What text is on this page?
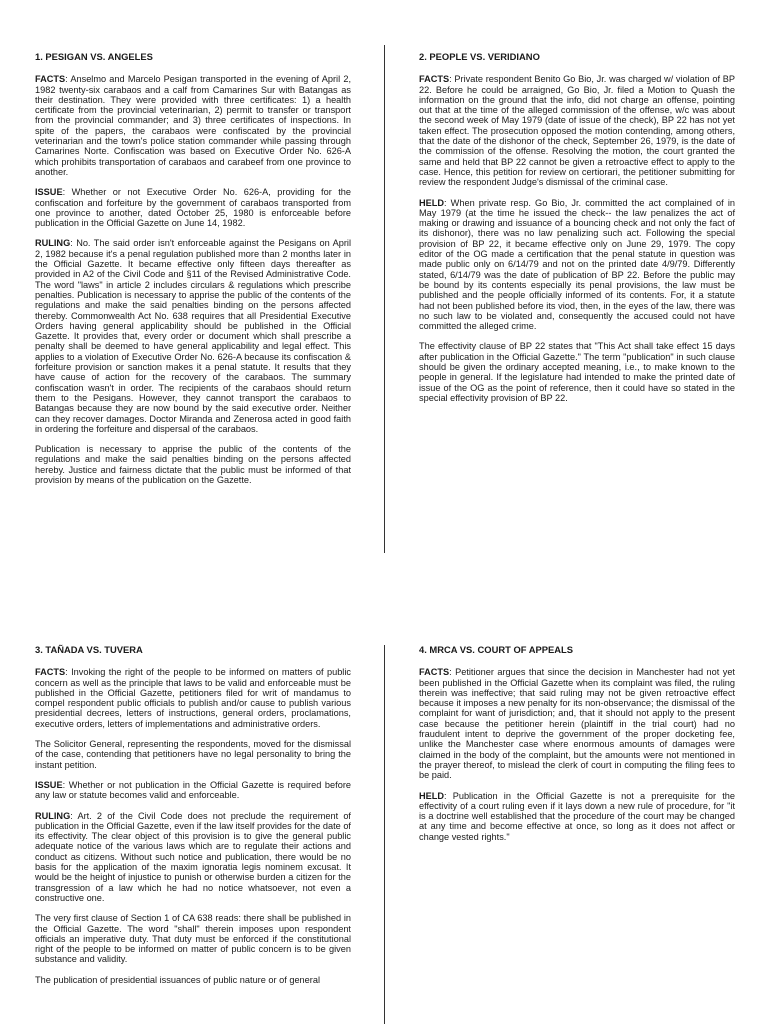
1. PESIGAN VS. ANGELES

FACTS: Anselmo and Marcelo Pesigan transported in the evening of April 2, 1982 twenty-six carabaos and a calf from Camarines Sur with Batangas as their destination. They were provided with three certificates: 1) a health certificate from the provincial veterinarian, 2) permit to transfer or transport from the provincial commander; and 3) three certificates of inspections. In spite of the papers, the carabaos were confiscated by the provincial veterinarian and the town's police station commander while passing through Camarines Norte. Confiscation was based on Executive Order No. 626-A which prohibits transportation of carabaos and carabeef from one province to another.

ISSUE: Whether or not Executive Order No. 626-A, providing for the confiscation and forfeiture by the government of carabaos transported from one province to another, dated October 25, 1980 is enforceable before publication in the Official Gazette on June 14, 1982.

RULING: No. The said order isn't enforceable against the Pesigans on April 2, 1982 because it's a penal regulation published more than 2 months later in the Official Gazette. It became effective only fifteen days thereafter as provided in A2 of the Civil Code and §11 of the Revised Administrative Code. The word "laws" in article 2 includes circulars & regulations which prescribe penalties. Publication is necessary to apprise the public of the contents of the regulations and make the said penalties binding on the persons affected thereby. Commonwealth Act No. 638 requires that all Presidential Executive Orders having general applicability should be published in the Official Gazette. It provides that, every order or document which shall prescribe a penalty shall be deemed to have general applicability and legal effect. This applies to a violation of Executive Order No. 626-A because its confiscation & forfeiture provision or sanction makes it a penal statute. It results that they have cause of action for the recovery of the carabaos. The summary confiscation wasn't in order. The recipients of the carabaos should return them to the Pesigans. However, they cannot transport the carabaos to Batangas because they are now bound by the said executive order. Neither can they recover damages. Doctor Miranda and Zenerosa acted in good faith in ordering the forfeiture and dispersal of the carabaos.

Publication is necessary to apprise the public of the contents of the regulations and make the said penalties binding on the persons affected hereby. Justice and fairness dictate that the public must be informed of that provision by means of the publication on the Gazette.

2. PEOPLE VS. VERIDIANO

FACTS: Private respondent Benito Go Bio, Jr. was charged w/ violation of BP 22. Before he could be arraigned, Go Bio, Jr. filed a Motion to Quash the information on the ground that the info, did not charge an offense, pointing out that at the time of the alleged commission of the offense, w/c was about the second week of May 1979 (date of issue of the check), BP 22 has not yet taken effect. The prosecution opposed the motion contending, among others, that the date of the dishonor of the check, September 26, 1979, is the date of the commission of the offense. Resolving the motion, the court granted the same and held that BP 22 cannot be given a retroactive effect to apply to the case. Hence, this petition for review on certiorari, the petitioner submitting for review the respondent Judge's dismissal of the criminal case.

HELD: When private resp. Go Bio, Jr. committed the act complained of in May 1979 (at the time he issued the check-- the law penalizes the act of making or drawing and issuance of a bouncing check and not only the fact of its dishonor), there was no law penalizing such act. Following the special provision of BP 22, it became effective only on June 29, 1979. The copy editor of the OG made a certification that the penal statute in question was made public only on 6/14/79 and not on the printed date 4/9/79. Differently stated, 6/14/79 was the date of publication of BP 22. Before the public may be bound by its contents especially its penal provisions, the law must be published and the people officially informed of its contents. For, it a statute had not been published before its viod, then, in the eyes of the law, there was no such law to be violated and, consequently the accused could not have committed the alleged crime.

The effectivity clause of BP 22 states that "This Act shall take effect 15 days after publication in the Official Gazette." The term "publication" in such clause should be given the ordinary accepted meaning, i.e., to make known to the people in general. If the legisIature had intended to make the printed date of issue of the OG as the point of reference, then it could have so stated in the special effectivity provision of BP 22.

3. TAÑADA VS. TUVERA

FACTS: Invoking the right of the people to be informed on matters of public concern as well as the principle that laws to be valid and enforceable must be published in the Official Gazette, petitioners filed for writ of mandamus to compel respondent public officials to publish and/or cause to publish various presidential decrees, letters of instructions, general orders, proclamations, executive orders, letters of implementations and administrative orders.

The Solicitor General, representing the respondents, moved for the dismissal of the case, contending that petitioners have no legal personality to bring the instant petition.

ISSUE: Whether or not publication in the Official Gazette is required before any law or statute becomes valid and enforceable.

RULING: Art. 2 of the Civil Code does not preclude the requirement of publication in the Official Gazette, even if the law itself provides for the date of its effectivity. The clear object of this provision is to give the general public adequate notice of the various laws which are to regulate their actions and conduct as citizens. Without such notice and publication, there would be no basis for the application of the maxim ignoratia legis nominem excusat. It would be the height of injustice to punish or otherwise burden a citizen for the transgression of a law which he had no notice whatsoever, not even a constructive one.

The very first clause of Section 1 of CA 638 reads: there shall be published in the Official Gazette. The word "shall" therein imposes upon respondent officials an imperative duty. That duty must be enforced if the constitutional right of the people to be informed on matter of public concern is to be given substance and validity.

The publication of presidential issuances of public nature or of general

4. MRCA VS. COURT OF APPEALS

FACTS: Petitioner argues that since the decision in Manchester had not yet been published in the Official Gazette when its complaint was filed, the ruling therein was ineffective; that said ruling may not be given retroactive effect because it imposes a new penalty for its non-observance; the dismissal of the complaint for want of jurisdiction; and, that it should not apply to the present case because the petitioner herein (plaintiff in the trial court) had no fraudulent intent to deprive the government of the proper docketing fee, unlike the Manchester case where enormous amounts of damages were claimed in the body of the complaint, but the amounts were not mentioned in the prayer thereof, to mislead the clerk of court in computing the filing fees to be paid.

HELD: Publication in the Official Gazette is not a prerequisite for the effectivity of a court ruling even if it lays down a new rule of procedure, for "it is a doctrine well established that the procedure of the court may be changed at any time and become effective at once, so long as it does not affect or change vested rights."
